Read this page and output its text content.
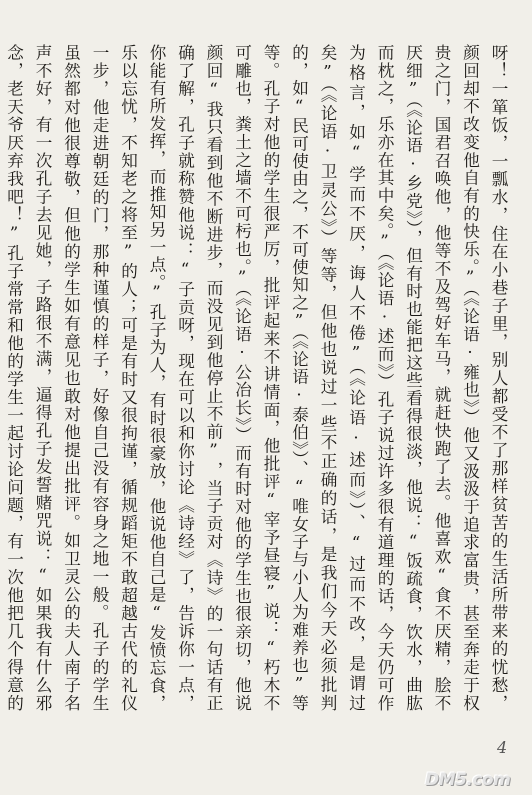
呀！一箪饭，一瓢水，住在小巷子里，别人都受不了那样贫苦的生活所带来的忧愁，颜回却不改变他自有的快乐。”（《论语·雍也》）他又汲汲于追求富贵，甚至奔走于权贵之门，国君召唤他，他等不及驾好车马，就赶快跑了去。他喜欢“食不厌精，脍不厌细”（《论语·乡党》），但有时也能把这些看得很淡，他说：“饭疏食，饮水，曲肱而枕之，乐亦在其中矣。”（《论语·述而》）孔子说过许多很有道理的话，今天仍可作为格言，如“学而不厌，诲人不倦”（《论语·述而》）、“过而不改，是谓过矣”（《论语·卫灵公》）等等，但他也说过一些不正确的话，是我们今天必须批判的，如“民可使由之，不可使知之”（《论语·泰伯》）、“唯女子与小人为难养也”等等。孔子对他的学生很严厉，批评起来不讲情面，他批评“宰予昼寝”说：“朽木不可雕也，粪土之墙不可杇也。”（《论语·公冶长》）而有时对他的学生也很亲切，他说颜回“我只看到他不断进步，而没见到他停止不前”，当子贡对《诗》的一句话有正确了解，孔子就称赞他说：“子贡呀，现在可以和你讨论《诗经》了，告诉你一点，你能有所发挥，而推知另一点。”孔子为人，有时很豪放，他说他自己是“发愤忘食，乐以忘忧，不知老之将至”的人；可是有时又很拘谨，循规蹈矩不敢超越古代的礼仪一步，他走进朝廷的门，那种谨慎的样子，好像自己没有容身之地一般。孔子的学生虽然都对他很尊敬，但他的学生如有意见也敢对他提出批评。如卫灵公的夫人南子名声不好，有一次孔子去见她，子路很不满，逼得孔子发誓赌咒说：“如果我有什么邪念，老天爷厌弃我吧！”孔子常常和他的学生一起讨论问题，有一次他把几个得意的

4
DM5.com
